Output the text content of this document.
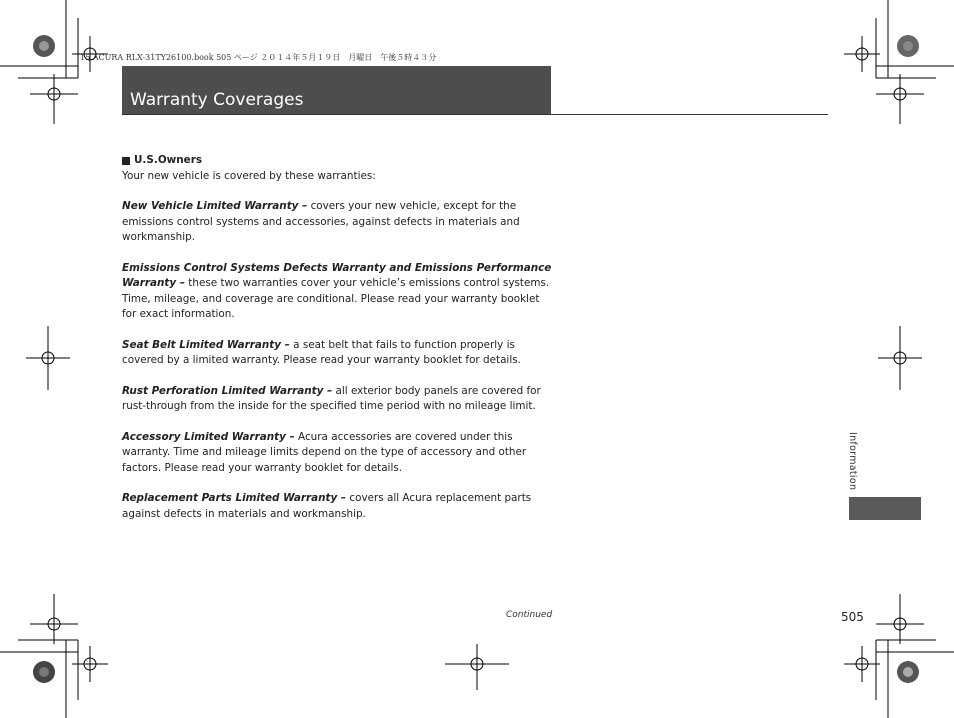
15 ACURA RLX-31TY26100.book 505 ページ ２０１４年５月１９日　月曜日　午後５時４３分
Warranty Coverages
U.S.Owners
Your new vehicle is covered by these warranties:
New Vehicle Limited Warranty – covers your new vehicle, except for the emissions control systems and accessories, against defects in materials and workmanship.
Emissions Control Systems Defects Warranty and Emissions Performance Warranty – these two warranties cover your vehicle’s emissions control systems. Time, mileage, and coverage are conditional. Please read your warranty booklet for exact information.
Seat Belt Limited Warranty – a seat belt that fails to function properly is covered by a limited warranty. Please read your warranty booklet for details.
Rust Perforation Limited Warranty – all exterior body panels are covered for rust-through from the inside for the specified time period with no mileage limit.
Accessory Limited Warranty – Acura accessories are covered under this warranty. Time and mileage limits depend on the type of accessory and other factors. Please read your warranty booklet for details.
Replacement Parts Limited Warranty – covers all Acura replacement parts against defects in materials and workmanship.
Information
Continued	505
